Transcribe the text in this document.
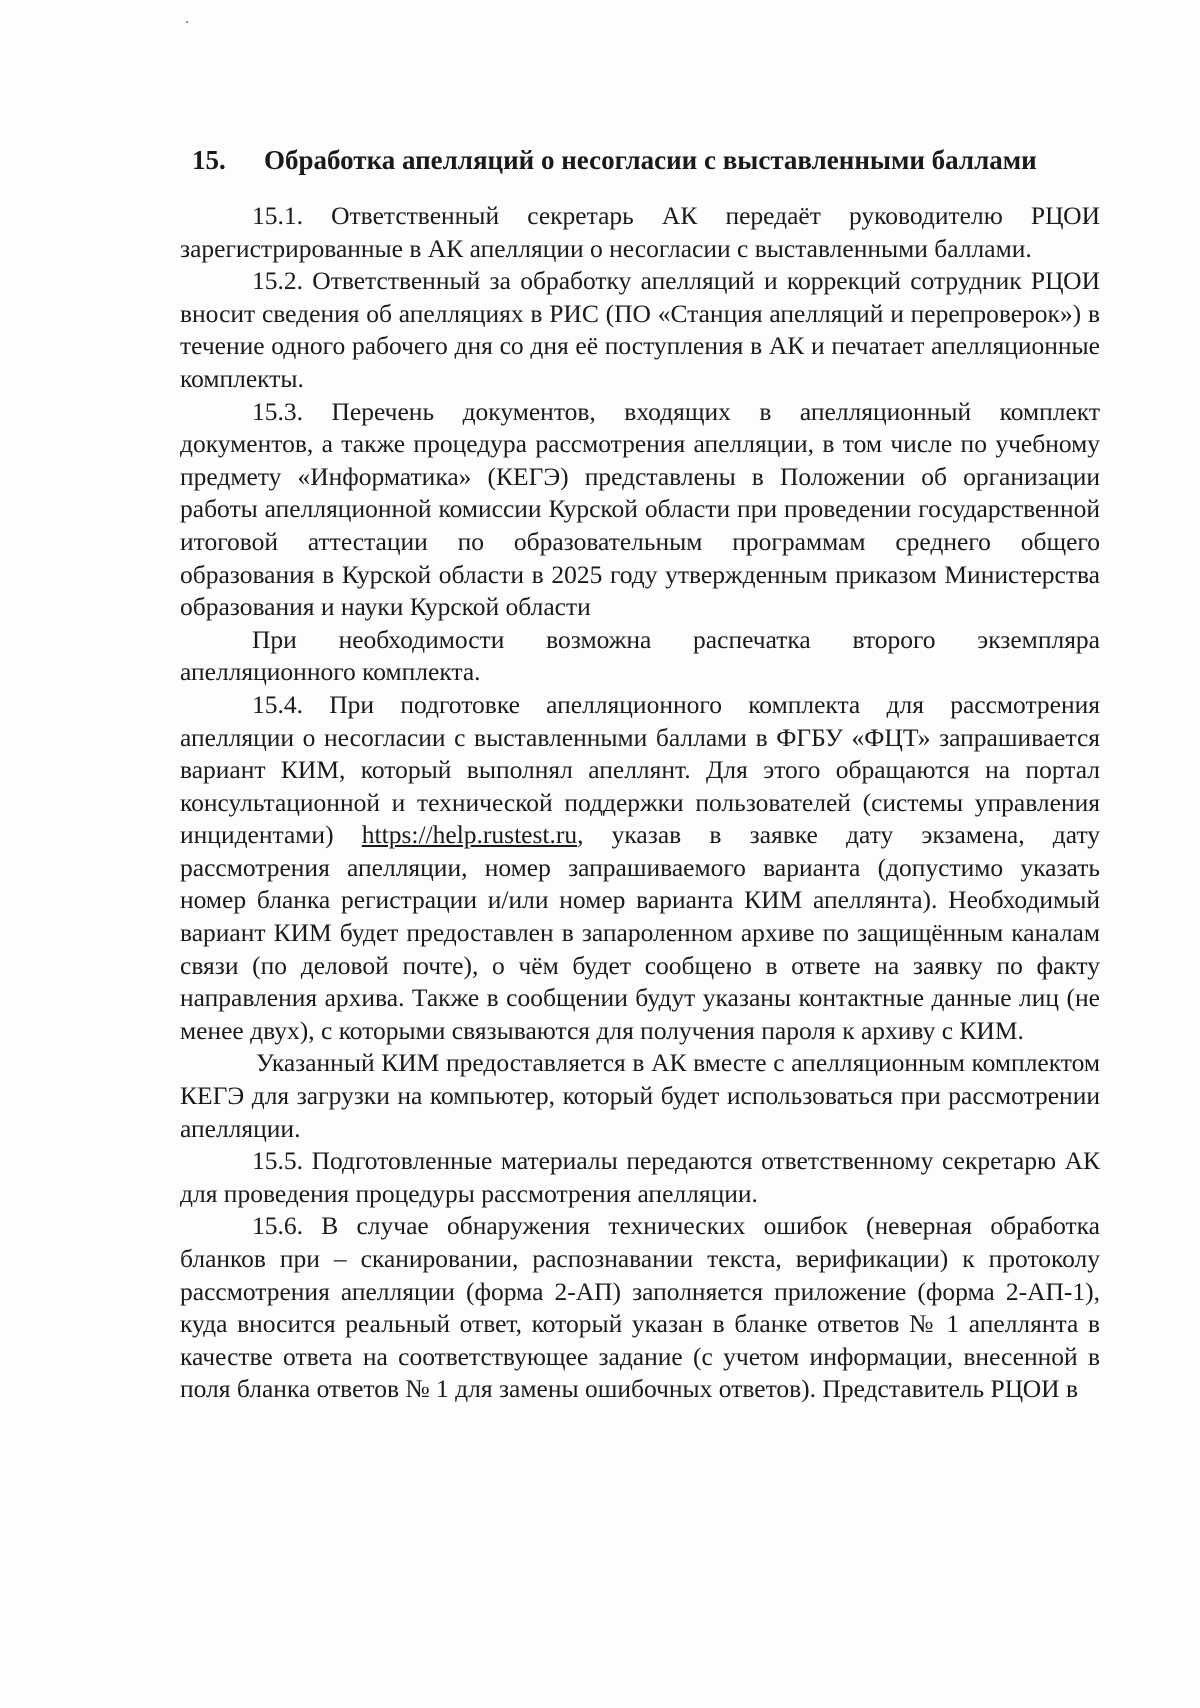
15. Обработка апелляций о несогласии с выставленными баллами

15.1. Ответственный секретарь АК передаёт руководителю РЦОИ зарегистрированные в АК апелляции о несогласии с выставленными баллами.

15.2. Ответственный за обработку апелляций и коррекций сотрудник РЦОИ вносит сведения об апелляциях в РИС (ПО «Станция апелляций и перепроверок») в течение одного рабочего дня со дня её поступления в АК и печатает апелляционные комплекты.

15.3. Перечень документов, входящих в апелляционный комплект документов, а также процедура рассмотрения апелляции, в том числе по учебному предмету «Информатика» (КЕГЭ) представлены в Положении об организации работы апелляционной комиссии Курской области при проведении государственной итоговой аттестации по образовательным программам среднего общего образования в Курской области в 2025 году утвержденным приказом Министерства образования и науки Курской области

При необходимости возможна распечатка второго экземпляра апелляционного комплекта.

15.4. При подготовке апелляционного комплекта для рассмотрения апелляции о несогласии с выставленными баллами в ФГБУ «ФЦТ» запрашивается вариант КИМ, который выполнял апеллянт. Для этого обращаются на портал консультационной и технической поддержки пользователей (системы управления инцидентами) https://help.rustest.ru, указав в заявке дату экзамена, дату рассмотрения апелляции, номер запрашиваемого варианта (допустимо указать номер бланка регистрации и/или номер варианта КИМ апеллянта). Необходимый вариант КИМ будет предоставлен в запароленном архиве по защищённым каналам связи (по деловой почте), о чём будет сообщено в ответе на заявку по факту направления архива. Также в сообщении будут указаны контактные данные лиц (не менее двух), с которыми связываются для получения пароля к архиву с КИМ.

Указанный КИМ предоставляется в АК вместе с апелляционным комплектом КЕГЭ для загрузки на компьютер, который будет использоваться при рассмотрении апелляции.

15.5. Подготовленные материалы передаются ответственному секретарю АК для проведения процедуры рассмотрения апелляции.

15.6. В случае обнаружения технических ошибок (неверная обработка бланков при – сканировании, распознавании текста, верификации) к протоколу рассмотрения апелляции (форма 2-АП) заполняется приложение (форма 2-АП-1), куда вносится реальный ответ, который указан в бланке ответов № 1 апеллянта в качестве ответа на соответствующее задание (с учетом информации, внесенной в поля бланка ответов № 1 для замены ошибочных ответов). Представитель РЦОИ в
